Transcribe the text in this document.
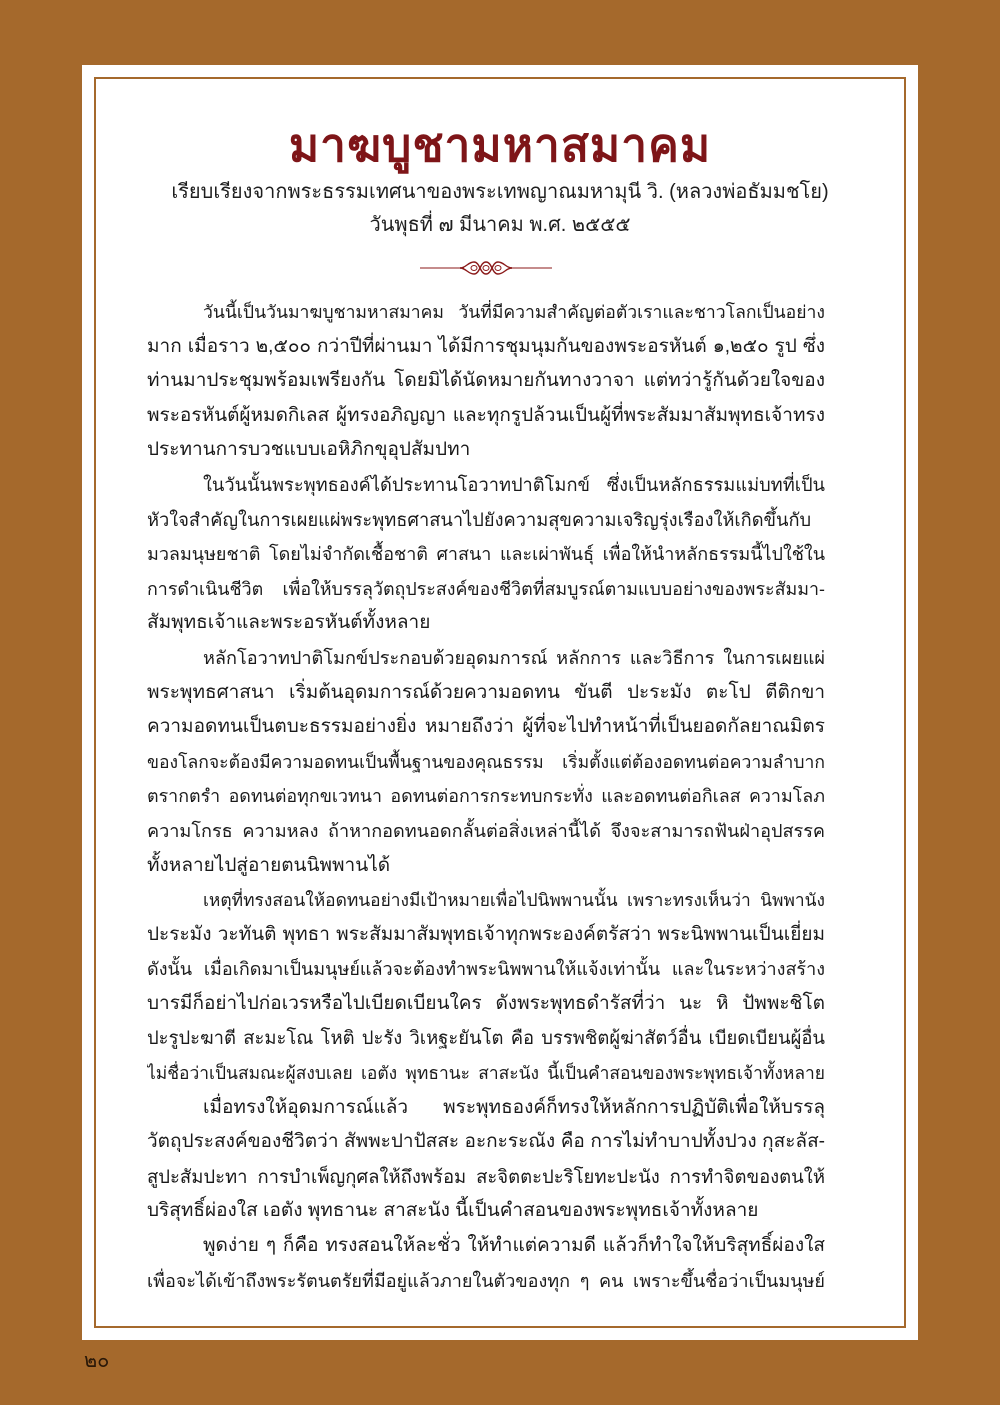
มาฆบูชามหาสมาคม
เรียบเรียงจากพระธรรมเทศนาของพระเทพญาณมหามุนี วิ. (หลวงพ่อธัมมชโย)
วันพุธที่ ๗ มีนาคม พ.ศ. ๒๕๕๕
วันนี้เป็นวันมาฆบูชามหาสมาคม วันที่มีความสำคัญต่อตัวเราและชาวโลกเป็นอย่าง
มาก เมื่อราว ๒,๕๐๐ กว่าปีที่ผ่านมา ได้มีการชุมนุมกันของพระอรหันต์ ๑,๒๕๐ รูป ซึ่ง
ท่านมาประชุมพร้อมเพรียงกัน โดยมิได้นัดหมายกันทางวาจา แต่ทว่ารู้กันด้วยใจของ
พระอรหันต์ผู้หมดกิเลส ผู้ทรงอภิญญา และทุกรูปล้วนเป็นผู้ที่พระสัมมาสัมพุทธเจ้าทรง
ประทานการบวชแบบเอหิภิกขุอุปสัมปทา
ในวันนั้นพระพุทธองค์ได้ประทานโอวาทปาติโมกข์ ซึ่งเป็นหลักธรรมแม่บทที่เป็น
หัวใจสำคัญในการเผยแผ่พระพุทธศาสนาไปยังความสุขความเจริญรุ่งเรืองให้เกิดขึ้นกับ
มวลมนุษยชาติ โดยไม่จำกัดเชื้อชาติ ศาสนา และเผ่าพันธุ์ เพื่อให้นำหลักธรรมนี้ไปใช้ใน
การดำเนินชีวิต เพื่อให้บรรลุวัตถุประสงค์ของชีวิตที่สมบูรณ์ตามแบบอย่างของพระสัมมา-
สัมพุทธเจ้าและพระอรหันต์ทั้งหลาย
หลักโอวาทปาติโมกข์ประกอบด้วยอุดมการณ์ หลักการ และวิธีการ ในการเผยแผ่
พระพุทธศาสนา เริ่มต้นอุดมการณ์ด้วยความอดทน ขันตี ปะระมัง ตะโป ตีติกขา
ความอดทนเป็นตบะธรรมอย่างยิ่ง หมายถึงว่า ผู้ที่จะไปทำหน้าที่เป็นยอดกัลยาณมิตร
ของโลกจะต้องมีความอดทนเป็นพื้นฐานของคุณธรรม เริ่มตั้งแต่ต้องอดทนต่อความลำบาก
ตรากตรำ อดทนต่อทุกขเวทนา อดทนต่อการกระทบกระทั่ง และอดทนต่อกิเลส ความโลภ
ความโกรธ ความหลง ถ้าหากอดทนอดกลั้นต่อสิ่งเหล่านี้ได้ จึงจะสามารถฟันฝ่าอุปสรรค
ทั้งหลายไปสู่อายตนนิพพานได้
เหตุที่ทรงสอนให้อดทนอย่างมีเป้าหมายเพื่อไปนิพพานนั้น เพราะทรงเห็นว่า นิพพานัง
ปะระมัง วะทันติ พุทธา พระสัมมาสัมพุทธเจ้าทุกพระองค์ตรัสว่า พระนิพพานเป็นเยี่ยม
ดังนั้น เมื่อเกิดมาเป็นมนุษย์แล้วจะต้องทำพระนิพพานให้แจ้งเท่านั้น และในระหว่างสร้าง
บารมีก็อย่าไปก่อเวรหรือไปเบียดเบียนใคร ดังพระพุทธดำรัสที่ว่า นะ หิ ปัพพะชิโต
ปะรูปะฆาตี สะมะโณ โหติ ปะรัง วิเหฐะยันโต คือ บรรพชิตผู้ฆ่าสัตว์อื่น เบียดเบียนผู้อื่น
ไม่ชื่อว่าเป็นสมณะผู้สงบเลย เอตัง พุทธานะ สาสะนัง นี้เป็นคำสอนของพระพุทธเจ้าทั้งหลาย
เมื่อทรงให้อุดมการณ์แล้ว พระพุทธองค์ก็ทรงให้หลักการปฏิบัติเพื่อให้บรรลุ
วัตถุประสงค์ของชีวิตว่า สัพพะปาปัสสะ อะกะระณัง คือ การไม่ทำบาปทั้งปวง กุสะลัส-
สูปะสัมปะทา การบำเพ็ญกุศลให้ถึงพร้อม สะจิตตะปะริโยทะปะนัง การทำจิตของตนให้
บริสุทธิ์ผ่องใส เอตัง พุทธานะ สาสะนัง นี้เป็นคำสอนของพระพุทธเจ้าทั้งหลาย
พูดง่าย ๆ ก็คือ ทรงสอนให้ละชั่ว ให้ทำแต่ความดี แล้วก็ทำใจให้บริสุทธิ์ผ่องใส
เพื่อจะได้เข้าถึงพระรัตนตรัยที่มีอยู่แล้วภายในตัวของทุก ๆ คน เพราะขึ้นชื่อว่าเป็นมนุษย์
๒๐
